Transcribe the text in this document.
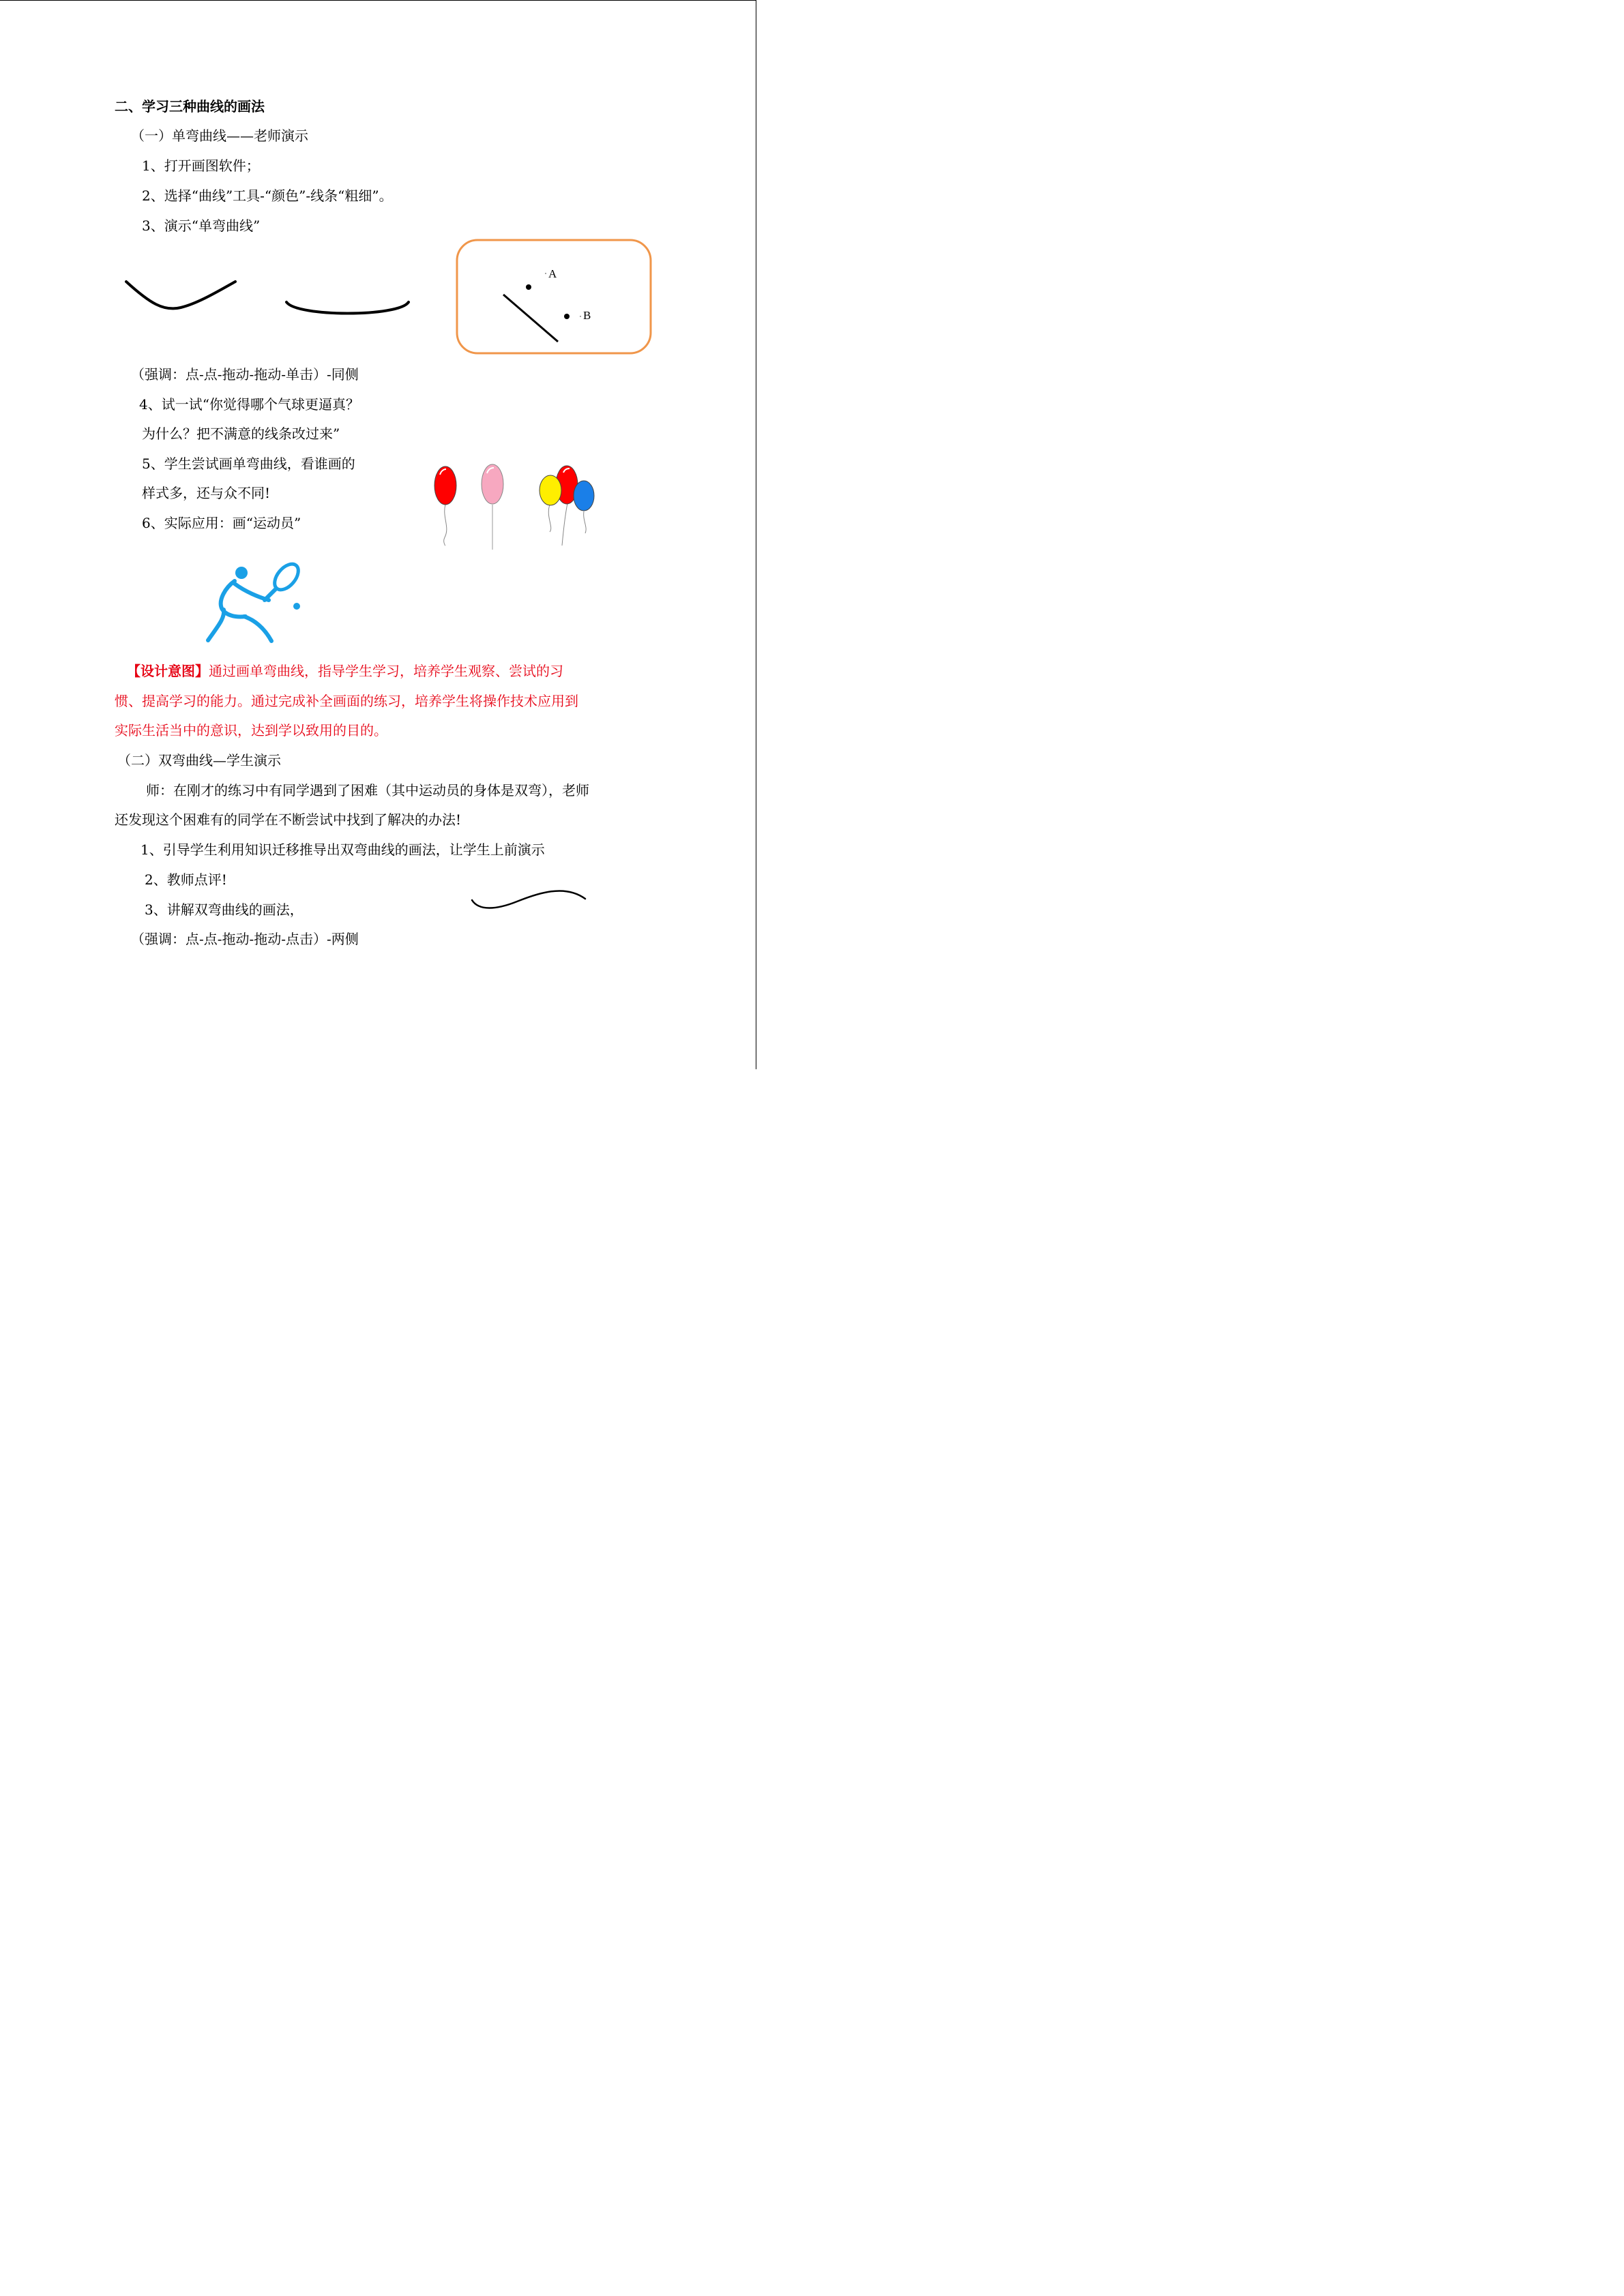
二、学习三种曲线的画法
（一）单弯曲线——老师演示
1、打开画图软件；
2、选择“曲线”工具-“颜色”-线条“粗细”。
3、演示“单弯曲线”
A
B
（强调：点-点-拖动-拖动-单击）-同侧
4、试一试“你觉得哪个气球更逼真？
为什么？把不满意的线条改过来”
5、学生尝试画单弯曲线，看谁画的
样式多，还与众不同!
6、实际应用：画“运动员”
【设计意图】通过画单弯曲线，指导学生学习，培养学生观察、尝试的习
惯、提高学习的能力。通过完成补全画面的练习，培养学生将操作技术应用到
实际生活当中的意识，达到学以致用的目的。
（二）双弯曲线—学生演示
师：在刚才的练习中有同学遇到了困难（其中运动员的身体是双弯），老师
还发现这个困难有的同学在不断尝试中找到了解决的办法!
1、引导学生利用知识迁移推导出双弯曲线的画法，让学生上前演示
2、教师点评!
3、讲解双弯曲线的画法，
（强调：点-点-拖动-拖动-点击）-两侧
